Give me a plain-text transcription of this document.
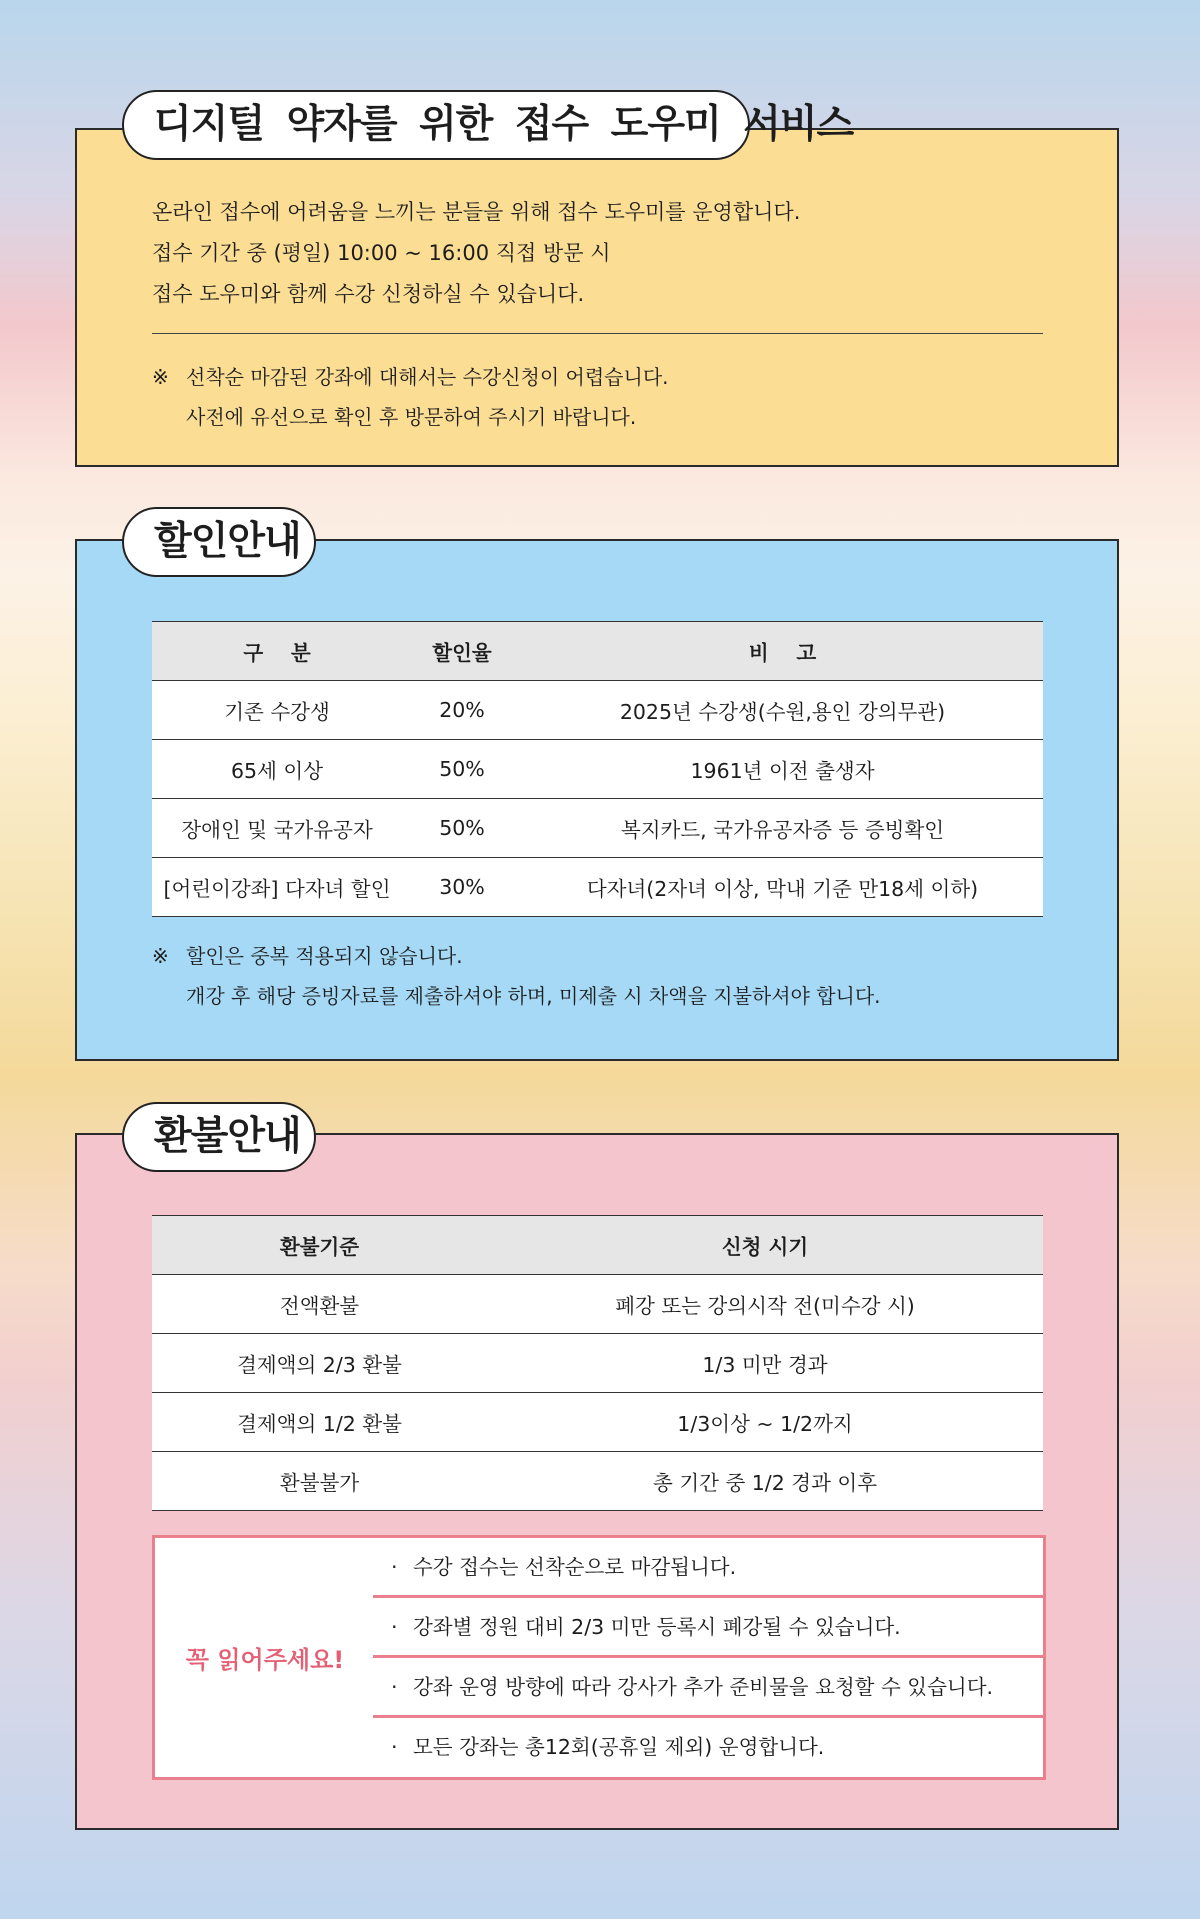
디지털 약자를 위한 접수 도우미 서비스

온라인 접수에 어려움을 느끼는 분들을 위해 접수 도우미를 운영합니다.

접수 기간 중 (평일) 10:00 ~ 16:00 직접 방문 시

접수 도우미와 함께 수강 신청하실 수 있습니다.

※ 선착순 마감된 강좌에 대해서는 수강신청이 어렵습니다.

사전에 유선으로 확인 후 방문하여 주시기 바랍니다.

할인안내
구　 분	할인율	비　 고
기존 수강생	20%	2025년 수강생(수원,용인 강의무관)
65세 이상	50%	1961년 이전 출생자
장애인 및 국가유공자	50%	복지카드, 국가유공자증 등 증빙확인
[어린이강좌] 다자녀 할인	30%	다자녀(2자녀 이상, 막내 기준 만18세 이하)

※ 할인은 중복 적용되지 않습니다.

개강 후 해당 증빙자료를 제출하셔야 하며, 미제출 시 차액을 지불하셔야 합니다.

환불안내
환불기준	신청 시기
전액환불	폐강 또는 강의시작 전(미수강 시)
결제액의 2/3 환불	1/3 미만 경과
결제액의 1/2 환불	1/3이상 ~ 1/2까지
환불불가	총 기간 중 1/2 경과 이후
꼭 읽어주세요!
· 수강 접수는 선착순으로 마감됩니다.
· 강좌별 정원 대비 2/3 미만 등록시 폐강될 수 있습니다.
· 강좌 운영 방향에 따라 강사가 추가 준비물을 요청할 수 있습니다.
· 모든 강좌는 총12회(공휴일 제외) 운영합니다.
